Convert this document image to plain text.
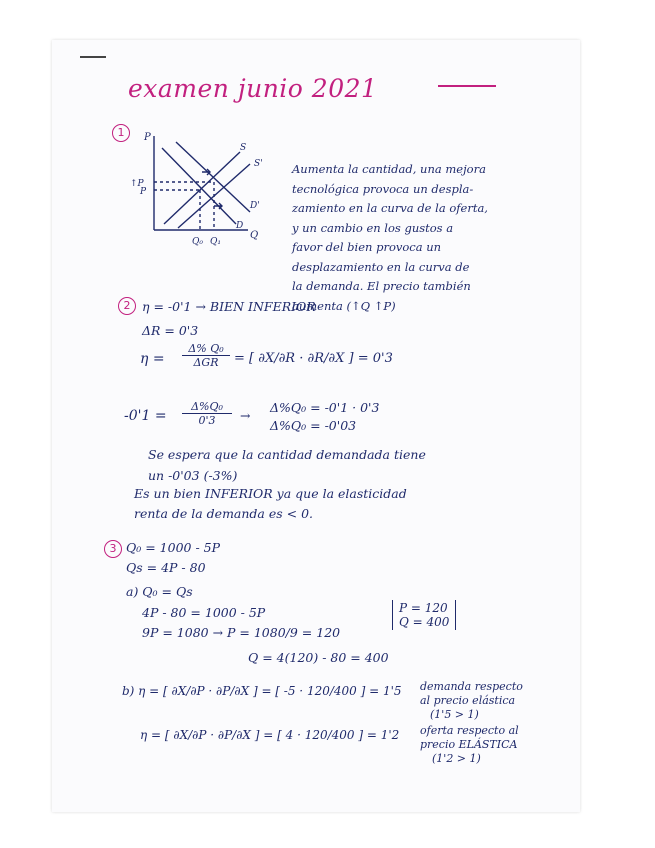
examen junio 2021
1	P
Q
S
S'
D
D'
↑P
P
Q₀ Q₁
Aumenta la cantidad, una mejora
tecnológica provoca un despla-
zamiento en la curva de la oferta,
y un cambio en los gustos a
favor del bien provoca un
desplazamiento en la curva de
la demanda. El precio también
aumenta (↑Q ↑P)
2 η = -0'1 → BIEN INFERIOR
ΔR = 0'3
η =
Δ% Q₀
ΔGR	= [ ∂X/∂R · ∂R/∂X ] = 0'3
$-0'1 = \frac{\text{Δ\%Q₀}}{0'3}$ →
Δ%Q₀ = -0'1 · 0'3
Δ%Q₀ = -0'03
Se espera que la cantidad demandada tiene
un -0'03 (-3%)
Es un bien INFERIOR ya que la elasticidad
renta de la demanda es < 0.
3 Q₀ = 1000 - 5P
Qs = 4P - 80
a) Q₀ = Qs
4P - 80 = 1000 - 5P
9P = 1080 → P = 1080/9 = 120
P = 120
Q = 400
Q = 4(120) - 80 = 400
b) η = [ ∂X/∂P · ∂P/∂X ] = [ -5 · 120/400 ] = 1'5 demanda respecto
al precio elástica
(1'5 > 1)
η = [ ∂X/∂P · ∂P/∂X ] = [ 4 · 120/400 ] = 1'2 oferta respecto al
precio ELÁSTICA
(1'2 > 1)
